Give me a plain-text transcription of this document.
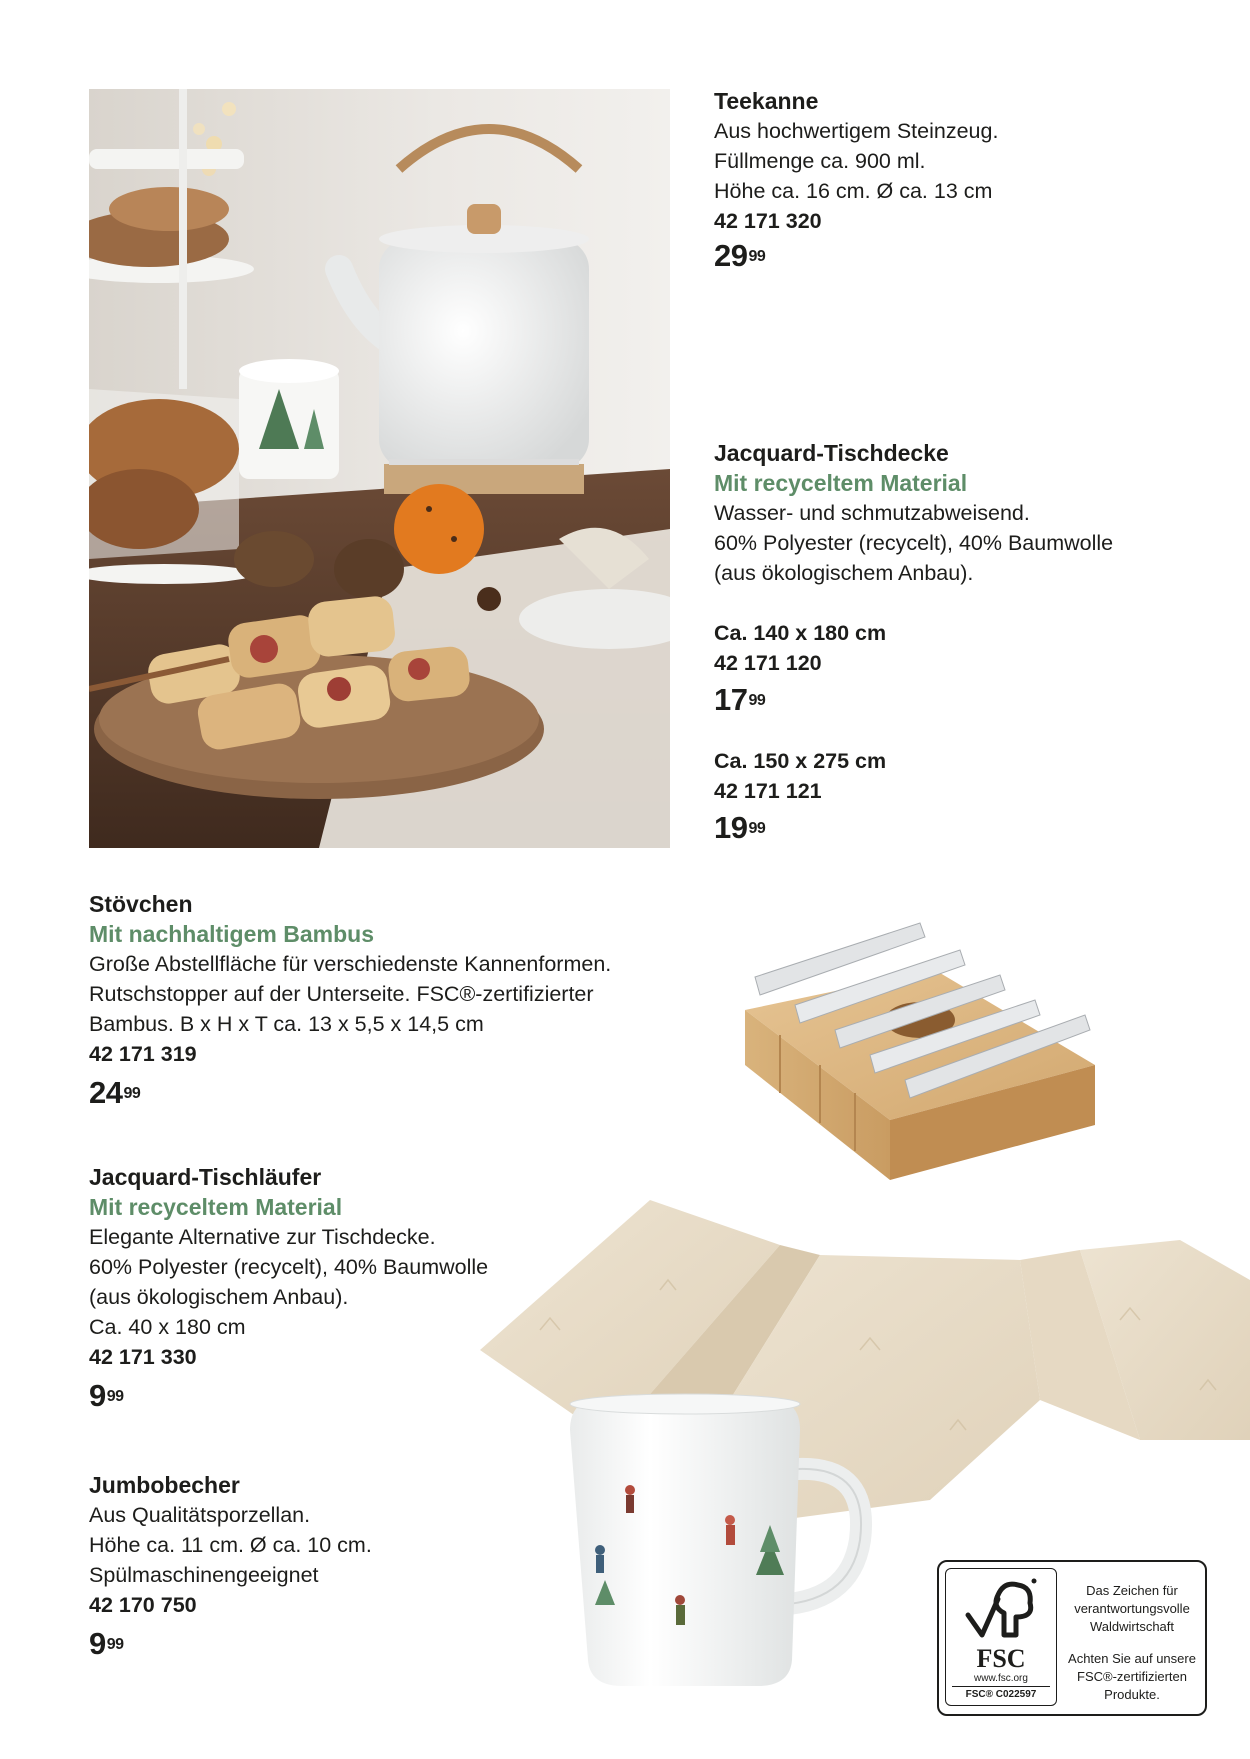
Teekanne
Aus hochwertigem Steinzeug.
Füllmenge ca. 900 ml.
Höhe ca. 16 cm. Ø ca. 13 cm
42 171 320
$29^{99}$
Jacquard-Tischdecke
Mit recyceltem Material
Wasser- und schmutzabweisend.
60% Polyester (recycelt), 40% Baumwolle
(aus ökologischem Anbau).
Ca. 140 x 180 cm
42 171 120
$17^{99}$
Ca. 150 x 275 cm
42 171 121
$19^{99}$
Stövchen
Mit nachhaltigem Bambus
Große Abstellfläche für verschiedenste Kannenformen.
Rutschstopper auf der Unterseite. FSC®-zertifizierter
Bambus. B x H x T ca. 13 x 5,5 x 14,5 cm
42 171 319
$24^{99}$
Jacquard-Tischläufer
Mit recyceltem Material
Elegante Alternative zur Tischdecke.
60% Polyester (recycelt), 40% Baumwolle
(aus ökologischem Anbau).
Ca. 40 x 180 cm
42 171 330
$9^{99}$
Jumbobecher
Aus Qualitätsporzellan.
Höhe ca. 11 cm. Ø ca. 10 cm.
Spülmaschinengeeignet
42 170 750
$9^{99}$	FSC
www.fsc.org
FSC® C022597
Das Zeichen für
verantwortungsvolle
Waldwirtschaft
Achten Sie auf unsere
FSC®-zertifizierten
Produkte.
